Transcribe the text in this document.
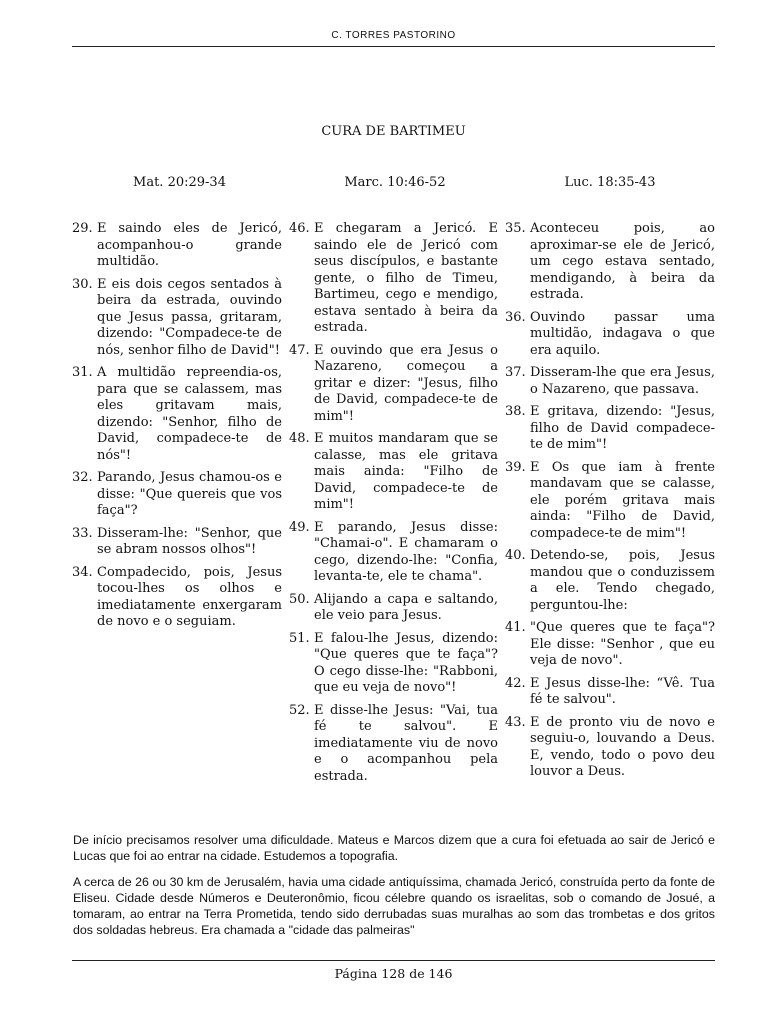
C. TORRES PASTORINO
CURA DE BARTIMEU
Mat. 20:29-34	Marc. 10:46-52	Luc. 18:35-43
29. E saindo eles de Jericó, acompanhou-o grande multidão.
30. E eis dois cegos sentados à beira da estrada, ouvindo que Jesus passa, gritaram, dizendo: "Compadece-te de nós, senhor filho de David"!
31. A multidão repreendia-os, para que se calassem, mas eles gritavam mais, dizendo: "Senhor, filho de David, compadece-te de nós"!
32. Parando, Jesus chamou-os e disse: "Que quereis que vos faça"?
33. Disseram-lhe: "Senhor, que se abram nossos olhos"!
34. Compadecido, pois, Jesus tocou-lhes os olhos e imediatamente enxergaram de novo e o seguiam.
46. E chegaram a Jericó. E saindo ele de Jericó com seus discípulos, e bastante gente, o filho de Timeu, Bartimeu, cego e mendigo, estava sentado à beira da estrada.
47. E ouvindo que era Jesus o Nazareno, começou a gritar e dizer: "Jesus, filho de David, compadece-te de mim"!
48. E muitos mandaram que se calasse, mas ele gritava mais ainda: "Filho de David, compadece-te de mim"!
49. E parando, Jesus disse: "Chamai-o". E chamaram o cego, dizendo-lhe: "Confia, levanta-te, ele te chama".
50. Alijando a capa e saltando, ele veio para Jesus.
51. E falou-lhe Jesus, dizendo: "Que queres que te faça"? O cego disse-lhe: "Rabboni, que eu veja de novo"!
52. E disse-lhe Jesus: "Vai, tua fé te salvou". E imediatamente viu de novo e o acompanhou pela estrada.
35. Aconteceu pois, ao aproximar-se ele de Jericó, um cego estava sentado, mendigando, à beira da estrada.
36. Ouvindo passar uma multidão, indagava o que era aquilo.
37. Disseram-lhe que era Jesus, o Nazareno, que passava.
38. E gritava, dizendo: "Jesus, filho de David compadece-te de mim"!
39. E Os que iam à frente mandavam que se calasse, ele porém gritava mais ainda: "Filho de David, compadece-te de mim"!
40. Detendo-se, pois, Jesus mandou que o conduzissem a ele. Tendo chegado, perguntou-lhe:
41. "Que queres que te faça"? Ele disse: "Senhor , que eu veja de novo".
42. E Jesus disse-lhe: “Vê. Tua fé te salvou".
43. E de pronto viu de novo e seguiu-o, louvando a Deus. E, vendo, todo o povo deu louvor a Deus.
De início precisamos resolver uma dificuldade. Mateus e Marcos dizem que a cura foi efetuada ao sair de Jericó e Lucas que foi ao entrar na cidade. Estudemos a topografia.
A cerca de 26 ou 30 km de Jerusalém, havia uma cidade antiquíssima, chamada Jericó, construída perto da fonte de Eliseu. Cidade desde Números e Deuteronômio, ficou célebre quando os israelitas, sob o comando de Josué, a tomaram, ao entrar na Terra Prometida, tendo sido derrubadas suas muralhas ao som das trombetas e dos gritos dos soldadas hebreus. Era chamada a "cidade das palmeiras"
Página 128 de 146
